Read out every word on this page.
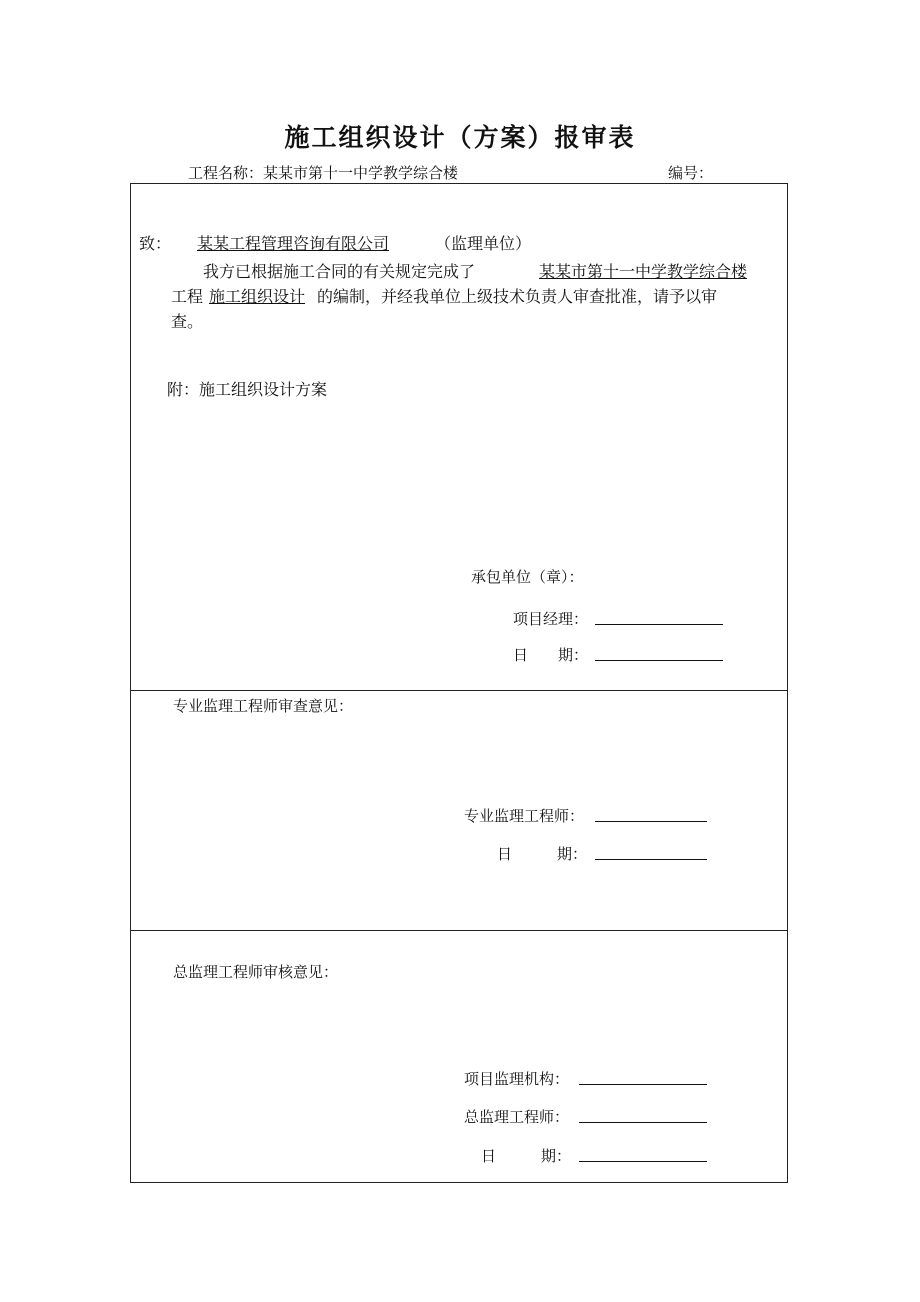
施工组织设计（方案）报审表
工程名称：某某市第十一中学教学综合楼	编号：
致：	某某工程管理咨询有限公司	（监理单位）
我方已根据施工合同的有关规定完成了	某某市第十一中学教学综合楼
工程 施工组织设计 的编制，并经我单位上级技术负责人审查批准，请予以审
查。
附：施工组织设计方案
承包单位（章）：
项目经理：
日　　期：
专业监理工程师审查意见：
专业监理工程师：
日　　　期：
总监理工程师审核意见：
项目监理机构：
总监理工程师：
日　　　期：
